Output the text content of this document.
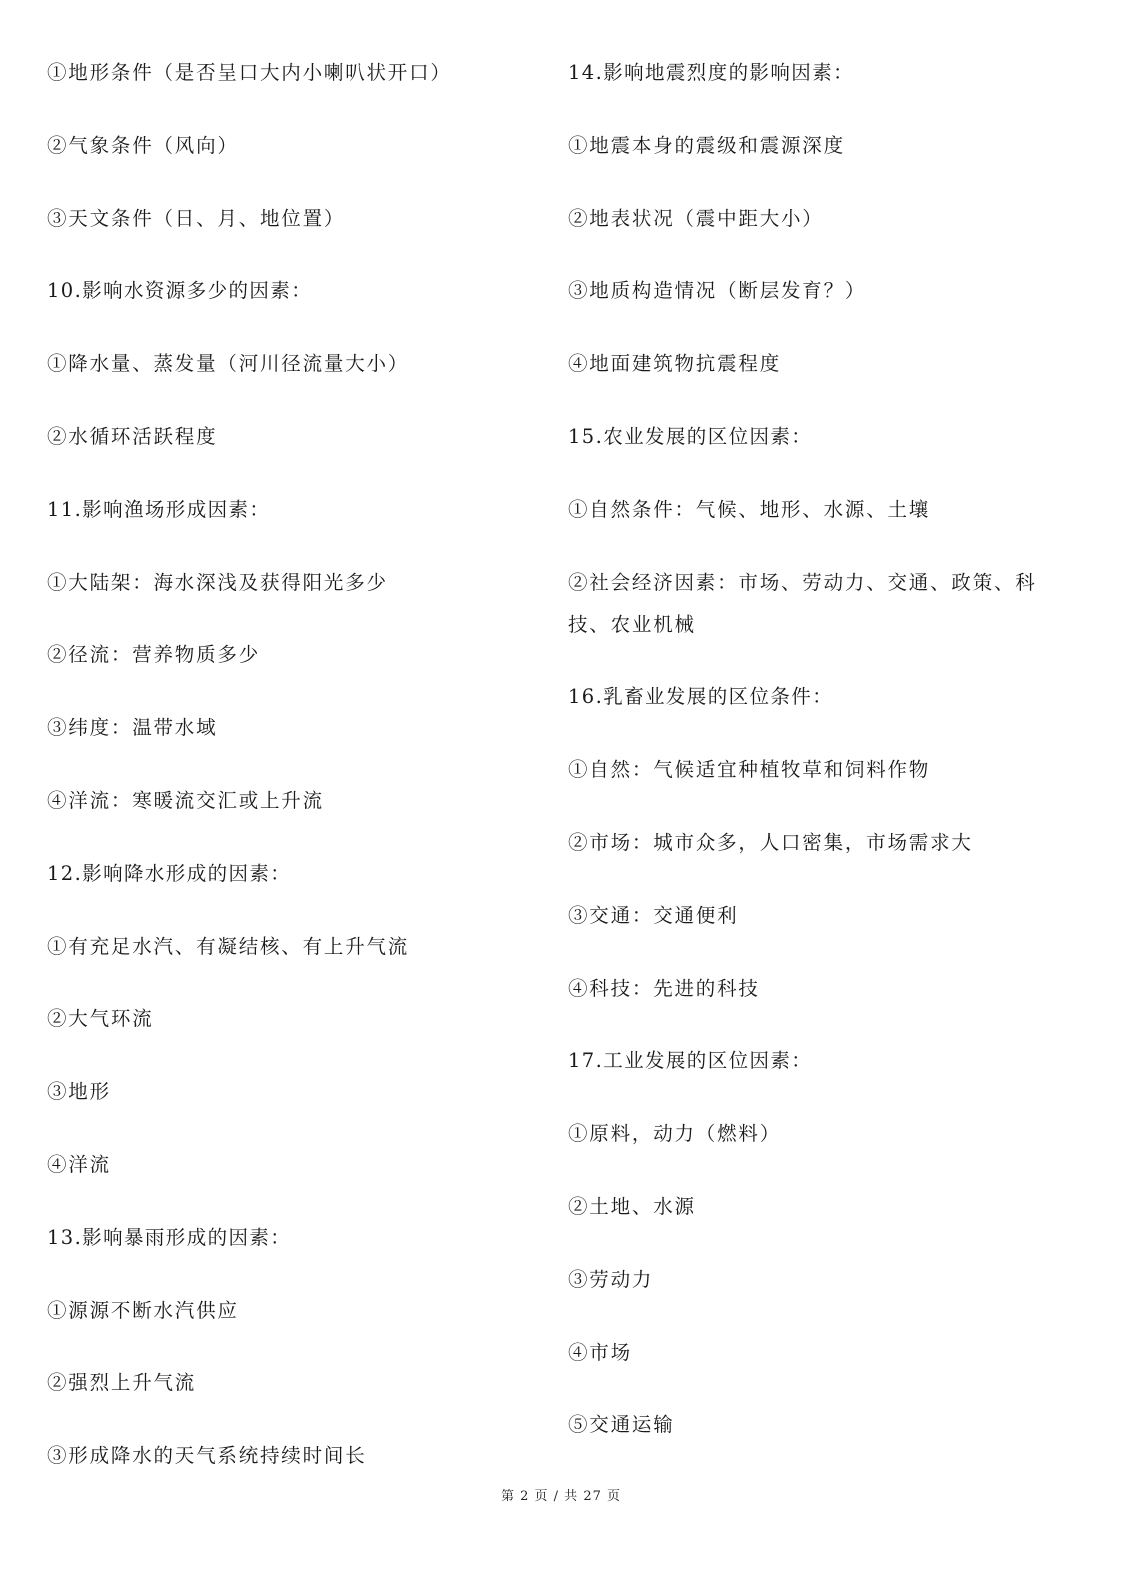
①地形条件（是否呈口大内小喇叭状开口）
②气象条件（风向）
③天文条件（日、月、地位置）
10.影响水资源多少的因素：
①降水量、蒸发量（河川径流量大小）
②水循环活跃程度
11.影响渔场形成因素：
①大陆架：海水深浅及获得阳光多少
②径流：营养物质多少
③纬度：温带水域
④洋流：寒暖流交汇或上升流
12.影响降水形成的因素：
①有充足水汽、有凝结核、有上升气流
②大气环流
③地形
④洋流
13.影响暴雨形成的因素：
①源源不断水汽供应
②强烈上升气流
③形成降水的天气系统持续时间长
14.影响地震烈度的影响因素：
①地震本身的震级和震源深度
②地表状况（震中距大小）
③地质构造情况（断层发育？）
④地面建筑物抗震程度
15.农业发展的区位因素：
①自然条件：气候、地形、水源、土壤
②社会经济因素：市场、劳动力、交通、政策、科技、农业机械
16.乳畜业发展的区位条件：
①自然：气候适宜种植牧草和饲料作物
②市场：城市众多，人口密集，市场需求大
③交通：交通便利
④科技：先进的科技
17.工业发展的区位因素：
①原料，动力（燃料）
②土地、水源
③劳动力
④市场
⑤交通运输
第 2 页 / 共 27 页
